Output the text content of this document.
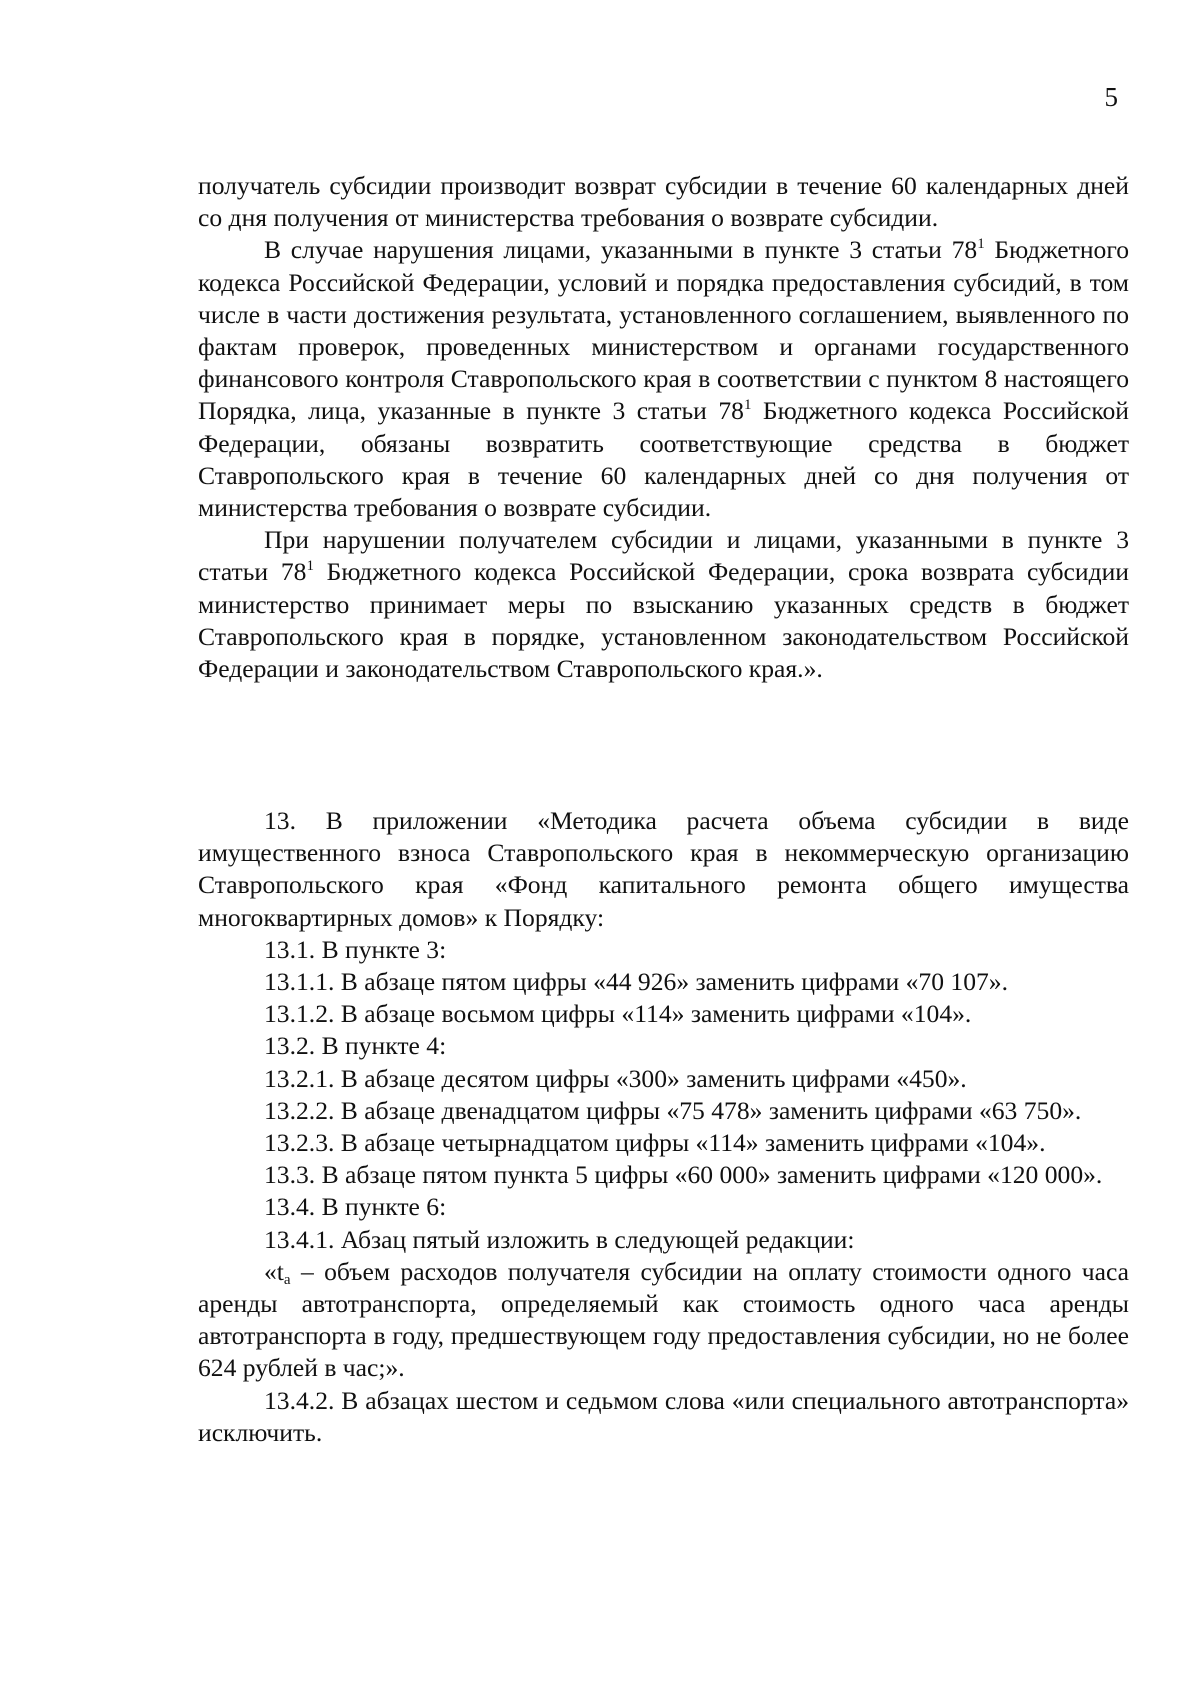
5

получатель субсидии производит возврат субсидии в течение 60 календарных дней со дня получения от министерства требования о возврате субсидии.

В случае нарушения лицами, указанными в пункте 3 статьи $78^1$ Бюджетного кодекса Российской Федерации, условий и порядка предоставления субсидий, в том числе в части достижения результата, установленного соглашением, выявленного по фактам проверок, проведенных министерством и органами государственного финансового контроля Ставропольского края в соответствии с пунктом 8 настоящего Порядка, лица, указанные в пункте 3 статьи $78^1$ Бюджетного кодекса Российской Федерации, обязаны возвратить соответствующие средства в бюджет Ставропольского края в течение 60 календарных дней со дня получения от министерства требования о возврате субсидии.

При нарушении получателем субсидии и лицами, указанными в пункте 3 статьи $78^1$ Бюджетного кодекса Российской Федерации, срока возврата субсидии министерство принимает меры по взысканию указанных средств в бюджет Ставропольского края в порядке, установленном законодательством Российской Федерации и законодательством Ставропольского края.».

13. В приложении «Методика расчета объема субсидии в виде имущественного взноса Ставропольского края в некоммерческую организацию Ставропольского края «Фонд капитального ремонта общего имущества многоквартирных домов» к Порядку:

13.1. В пункте 3:

13.1.1. В абзаце пятом цифры «44 926» заменить цифрами «70 107».

13.1.2. В абзаце восьмом цифры «114» заменить цифрами «104».

13.2. В пункте 4:

13.2.1. В абзаце десятом цифры «300» заменить цифрами «450».

13.2.2. В абзаце двенадцатом цифры «75 478» заменить цифрами «63 750».

13.2.3. В абзаце четырнадцатом цифры «114» заменить цифрами «104».

13.3. В абзаце пятом пункта 5 цифры «60 000» заменить цифрами «120 000».

13.4. В пункте 6:

13.4.1. Абзац пятый изложить в следующей редакции:

«$t_a$ – объем расходов получателя субсидии на оплату стоимости одного часа аренды автотранспорта, определяемый как стоимость одного часа аренды автотранспорта в году, предшествующем году предоставления субсидии, но не более 624 рублей в час;».

13.4.2. В абзацах шестом и седьмом слова «или специального автотранспорта» исключить.
